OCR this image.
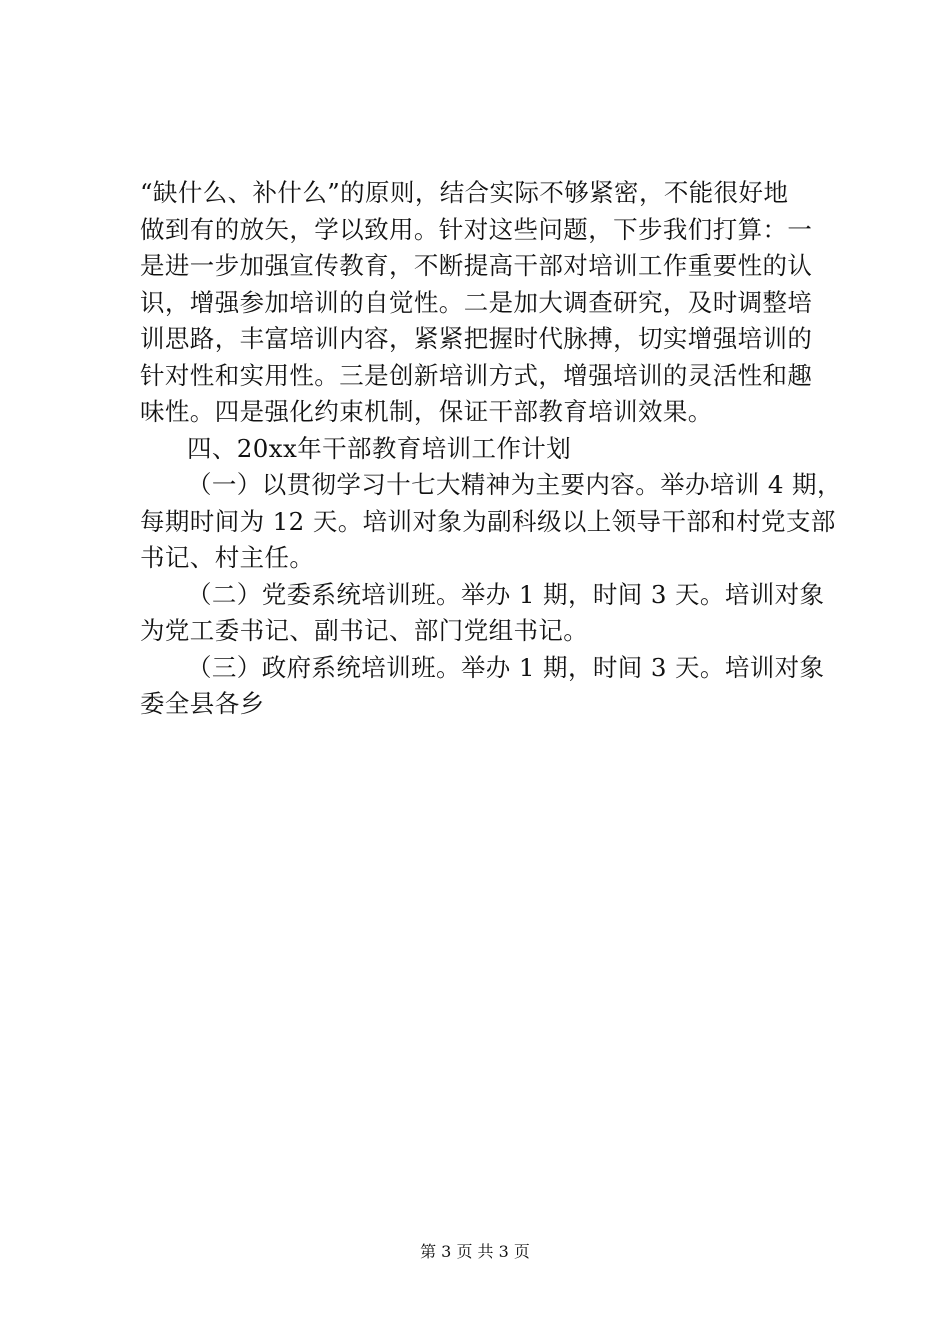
“缺什么、补什么”的原则，结合实际不够紧密，不能很好地
做到有的放矢，学以致用。针对这些问题，下步我们打算：一
是进一步加强宣传教育，不断提高干部对培训工作重要性的认
识，增强参加培训的自觉性。二是加大调查研究，及时调整培
训思路，丰富培训内容，紧紧把握时代脉搏，切实增强培训的
针对性和实用性。三是创新培训方式，增强培训的灵活性和趣
味性。四是强化约束机制，保证干部教育培训效果。
四、20xx年干部教育培训工作计划
（一）以贯彻学习十七大精神为主要内容。举办培训 4 期，
每期时间为 12 天。培训对象为副科级以上领导干部和村党支部
书记、村主任。
（二）党委系统培训班。举办 1 期，时间 3 天。培训对象
为党工委书记、副书记、部门党组书记。
（三）政府系统培训班。举办 1 期，时间 3 天。培训对象
委全县各乡
第 3 页 共 3 页
